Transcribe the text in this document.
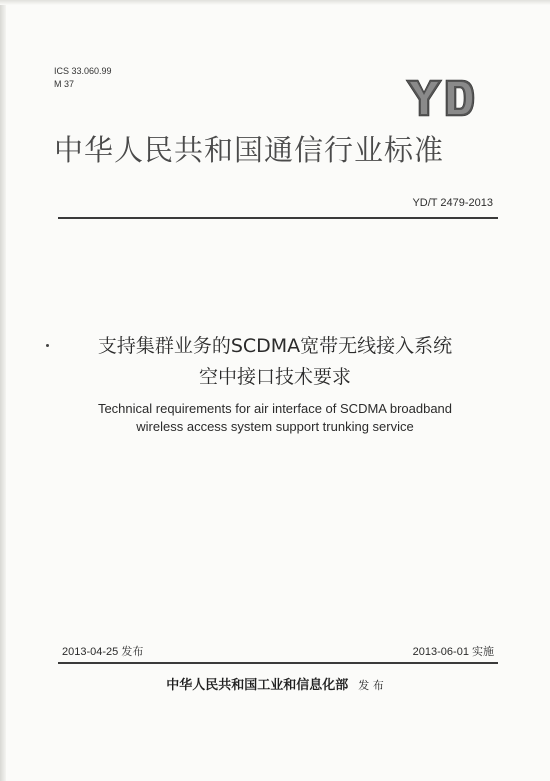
ICS 33.060.99
M 37
中华人民共和国通信行业标准
YD/T 2479-2013
支持集群业务的SCDMA宽带无线接入系统
空中接口技术要求
Technical requirements for air interface of SCDMA broadband
wireless access system support trunking service
2013-04-25 发布	2013-06-01 实施
中华人民共和国工业和信息化部 发 布
